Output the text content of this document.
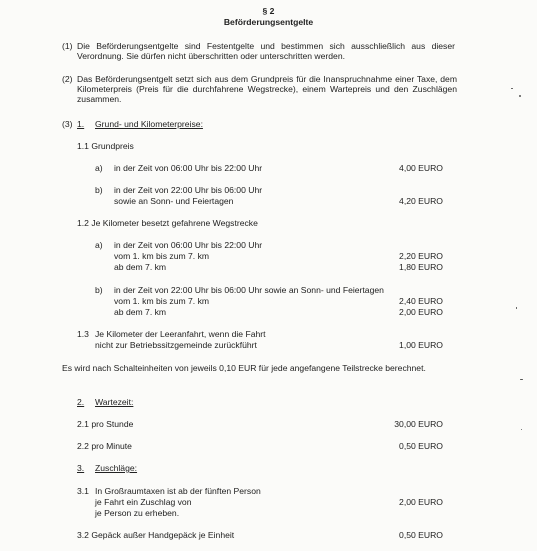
§ 2
Beförderungsentgelte
(1) Die Beförderungsentgelte sind Festentgelte und bestimmen sich ausschließlich aus dieser Verordnung. Sie dürfen nicht überschritten oder unterschritten werden.
(2) Das Beförderungsentgelt setzt sich aus dem Grundpreis für die Inanspruchnahme einer Taxe, dem Kilometerpreis (Preis für die durchfahrene Wegstrecke), einem Wartepreis und den Zuschlägen zusammen.
(3) 1. Grund- und Kilometerpreise:
1.1 Grundpreis
a) in der Zeit von 06:00 Uhr bis 22:00 Uhr	4,00 EURO
b) in der Zeit von 22:00 Uhr bis 06:00 Uhr
sowie an Sonn- und Feiertagen	4,20 EURO
1.2 Je Kilometer besetzt gefahrene Wegstrecke
a) in der Zeit von 06:00 Uhr bis 22:00 Uhr
vom 1. km bis zum 7. km	2,20 EURO
ab dem 7. km	1,80 EURO
b) in der Zeit von 22:00 Uhr bis 06:00 Uhr sowie an Sonn- und Feiertagen
vom 1. km bis zum 7. km	2,40 EURO
ab dem 7. km	2,00 EURO
1.3 Je Kilometer der Leeranfahrt, wenn die Fahrt
nicht zur Betriebssitzgemeinde zurückführt	1,00 EURO
Es wird nach Schalteinheiten von jeweils 0,10 EUR für jede angefangene Teilstrecke berechnet.
2. Wartezeit:
2.1 pro Stunde	30,00 EURO
2.2 pro Minute	0,50 EURO
3. Zuschläge:
3.1 In Großraumtaxen ist ab der fünften Person
je Fahrt ein Zuschlag von	2,00 EURO
je Person zu erheben.
3.2 Gepäck außer Handgepäck je Einheit	0,50 EURO
